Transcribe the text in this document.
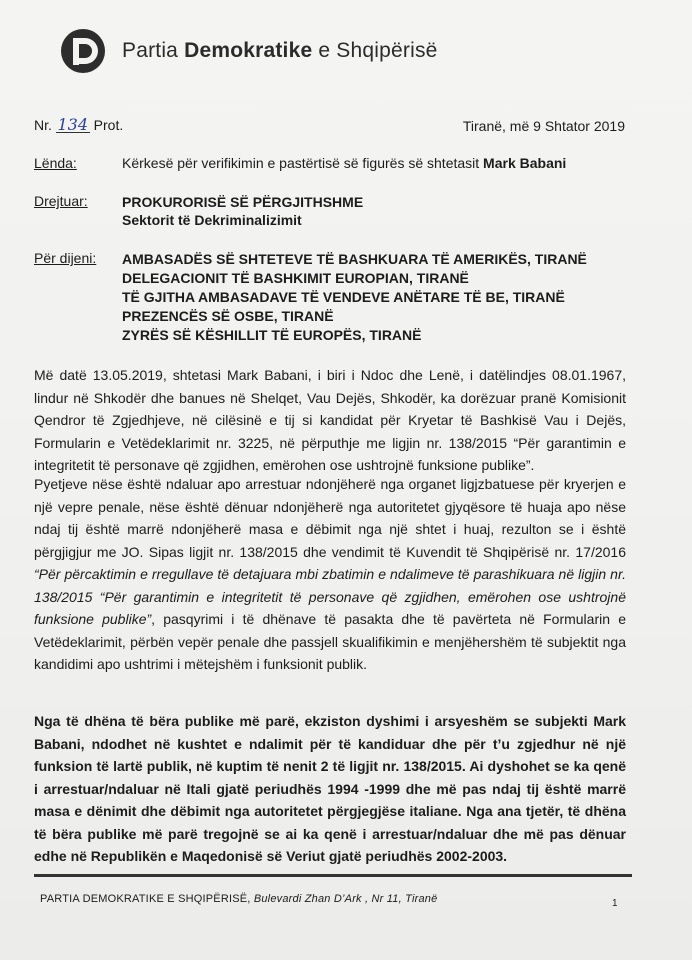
Partia Demokratike e Shqipërisë
Nr. 134 Prot.	Tiranë, më 9 Shtator 2019
Lënda:	Kërkesë për verifikimin e pastërtisë së figurës së shtetasit Mark Babani
Drejtuar: PROKURORISË SË PËRGJITHSHME
Sektorit të Dekriminalizimit
Për dijeni: AMBASADËS SË SHTETEVE TË BASHKUARA TË AMERIKËS, TIRANË
DELEGACIONIT TË BASHKIMIT EUROPIAN, TIRANË
TË GJITHA AMBASADAVE TË VENDEVE ANËTARE TË BE, TIRANË
PREZENCËS SË OSBE, TIRANË
ZYRËS SË KËSHILLIT TË EUROPËS, TIRANË
Më datë 13.05.2019, shtetasi Mark Babani, i biri i Ndoc dhe Lenë, i datëlindjes 08.01.1967, lindur në Shkodër dhe banues në Shelqet, Vau Dejës, Shkodër, ka dorëzuar pranë Komisionit Qendror të Zgjedhjeve, në cilësinë e tij si kandidat për Kryetar të Bashkisë Vau i Dejës, Formularin e Vetëdeklarimit nr. 3225, në përputhje me ligjin nr. 138/2015 “Për garantimin e integritetit të personave që zgjidhen, emërohen ose ushtrojnë funksione publike”.
Pyetjeve nëse është ndaluar apo arrestuar ndonjëherë nga organet ligjzbatuese për kryerjen e një vepre penale, nëse është dënuar ndonjëherë nga autoritetet gjyqësore të huaja apo nëse ndaj tij është marrë ndonjëherë masa e dëbimit nga një shtet i huaj, rezulton se i është përgjigjur me JO. Sipas ligjit nr. 138/2015 dhe vendimit të Kuvendit të Shqipërisë nr. 17/2016 “Për përcaktimin e rregullave të detajuara mbi zbatimin e ndalimeve të parashikuara në ligjin nr. 138/2015 “Për garantimin e integritetit të personave që zgjidhen, emërohen ose ushtrojnë funksione publike”, pasqyrimi i të dhënave të pasakta dhe të pavërteta në Formularin e Vetëdeklarimit, përbën vepër penale dhe passjell skualifikimin e menjëhershëm të subjektit nga kandidimi apo ushtrimi i mëtejshëm i funksionit publik.
Nga të dhëna të bëra publike më parë, ekziston dyshimi i arsyeshëm se subjekti Mark Babani, ndodhet në kushtet e ndalimit për të kandiduar dhe për t’u zgjedhur në një funksion të lartë publik, në kuptim të nenit 2 të ligjit nr. 138/2015. Ai dyshohet se ka qenë i arrestuar/ndaluar në Itali gjatë periudhës 1994 -1999 dhe më pas ndaj tij është marrë masa e dënimit dhe dëbimit nga autoritetet përgjegjëse italiane. Nga ana tjetër, të dhëna të bëra publike më parë tregojnë se ai ka qenë i arrestuar/ndaluar dhe më pas dënuar edhe në Republikën e Maqedonisë së Veriut gjatë periudhës 2002-2003.
PARTIA DEMOKRATIKE E SHQIPËRISË, Bulevardi Zhan D’Ark , Nr 11, Tiranë	1
